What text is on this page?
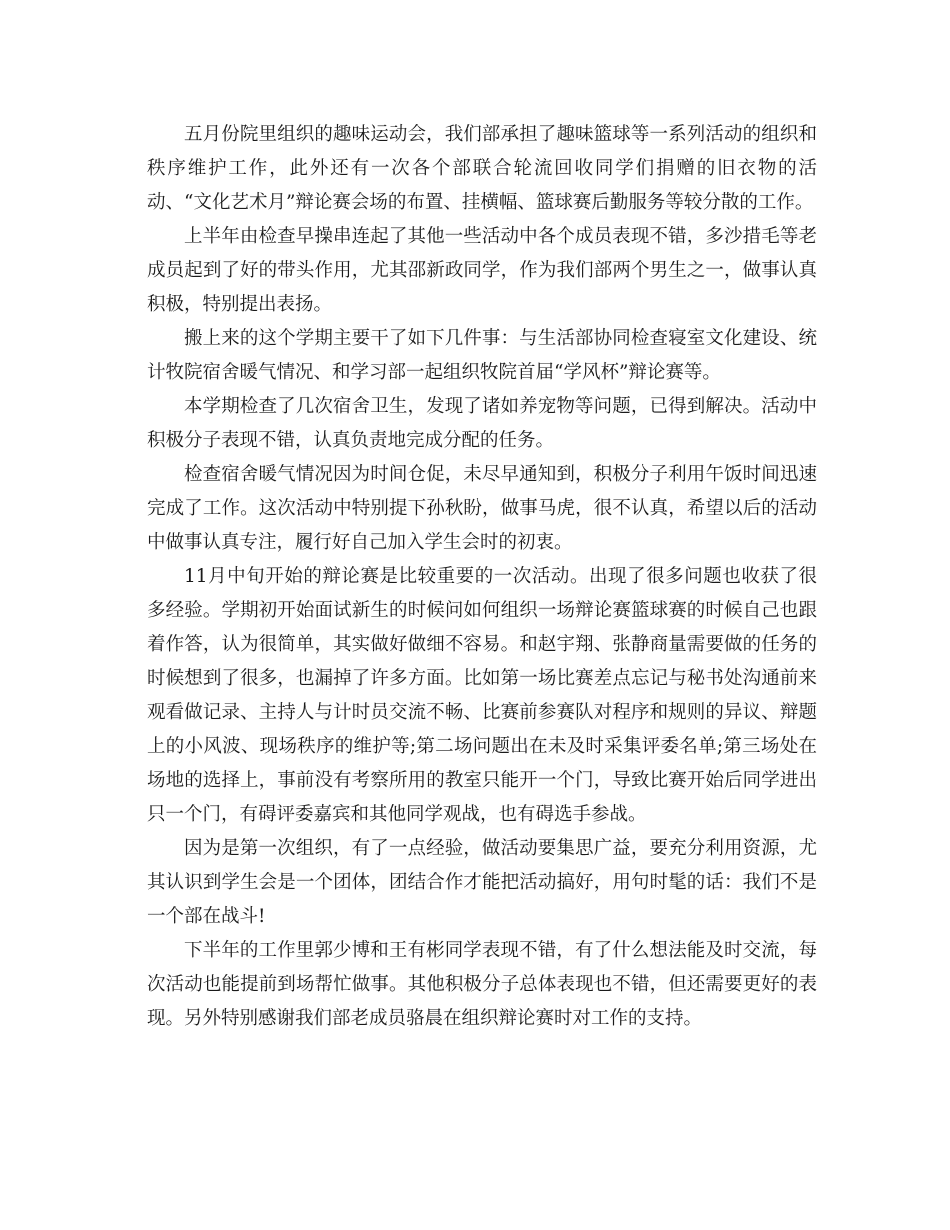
五月份院里组织的趣味运动会，我们部承担了趣味篮球等一系列活动的组织和秩序维护工作，此外还有一次各个部联合轮流回收同学们捐赠的旧衣物的活动、“文化艺术月”辩论赛会场的布置、挂横幅、篮球赛后勤服务等较分散的工作。

上半年由检查早操串连起了其他一些活动中各个成员表现不错，多沙措毛等老成员起到了好的带头作用，尤其邵新政同学，作为我们部两个男生之一，做事认真积极，特别提出表扬。

搬上来的这个学期主要干了如下几件事：与生活部协同检查寝室文化建设、统计牧院宿舍暖气情况、和学习部一起组织牧院首届“学风杯”辩论赛等。

本学期检查了几次宿舍卫生，发现了诸如养宠物等问题，已得到解决。活动中积极分子表现不错，认真负责地完成分配的任务。

检查宿舍暖气情况因为时间仓促，未尽早通知到，积极分子利用午饭时间迅速完成了工作。这次活动中特别提下孙秋盼，做事马虎，很不认真，希望以后的活动中做事认真专注，履行好自己加入学生会时的初衷。

11月中旬开始的辩论赛是比较重要的一次活动。出现了很多问题也收获了很多经验。学期初开始面试新生的时候问如何组织一场辩论赛篮球赛的时候自己也跟着作答，认为很简单，其实做好做细不容易。和赵宇翔、张静商量需要做的任务的时候想到了很多，也漏掉了许多方面。比如第一场比赛差点忘记与秘书处沟通前来观看做记录、主持人与计时员交流不畅、比赛前参赛队对程序和规则的异议、辩题上的小风波、现场秩序的维护等;第二场问题出在未及时采集评委名单;第三场处在场地的选择上，事前没有考察所用的教室只能开一个门，导致比赛开始后同学进出只一个门，有碍评委嘉宾和其他同学观战，也有碍选手参战。

因为是第一次组织，有了一点经验，做活动要集思广益，要充分利用资源，尤其认识到学生会是一个团体，团结合作才能把活动搞好，用句时髦的话：我们不是一个部在战斗!

下半年的工作里郭少博和王有彬同学表现不错，有了什么想法能及时交流，每次活动也能提前到场帮忙做事。其他积极分子总体表现也不错，但还需要更好的表现。另外特别感谢我们部老成员骆晨在组织辩论赛时对工作的支持。
